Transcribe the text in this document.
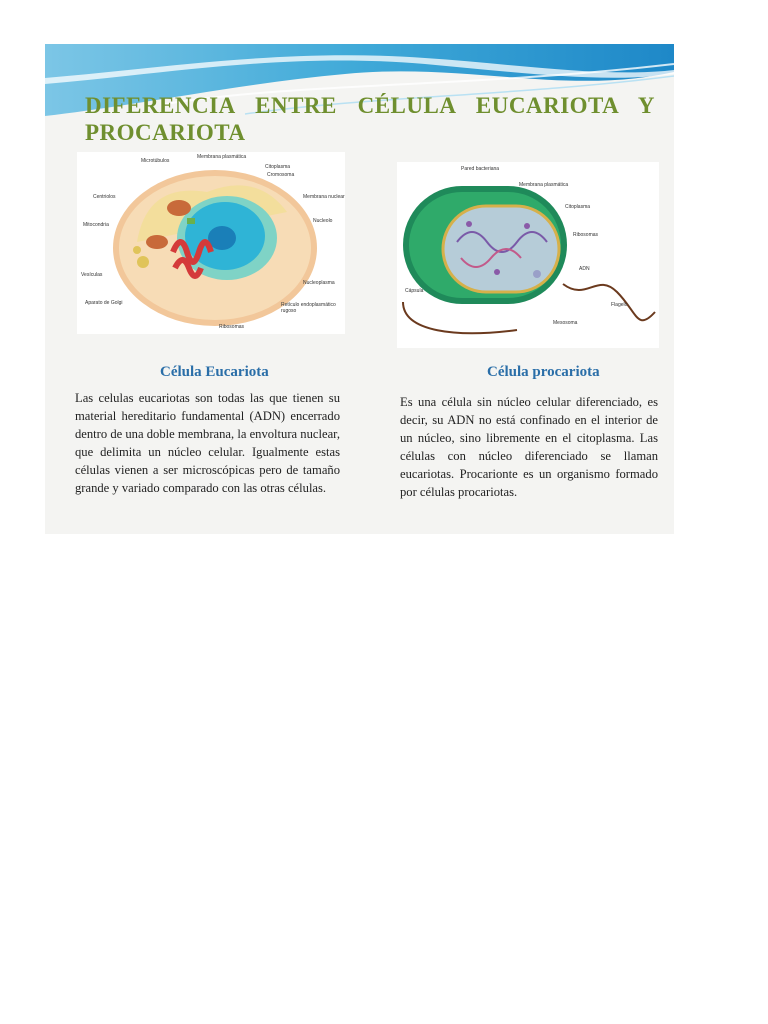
DIFERENCIA ENTRE CÉLULA EUCARIOTA Y
PROCARIOTA
Microtúbulos
Membrana plasmática
Citoplasma
Cromosoma
Centriolos	Membrana nuclear
Mitocondria
Nucleolo
Vesículas
Nucleoplasma
Aparato de Golgi	Retículo endoplasmático rugoso
Ribosomas
Pared bacteriana
Membrana plasmática
Citoplasma
Ribosomas
ADN
Cápsula
Flagelo
Mesosoma
Célula Eucariota	Célula procariota

Las celulas eucariotas son todas las que tienen su material hereditario fundamental (ADN) encerrado dentro de una doble membrana, la envoltura nuclear, que delimita un núcleo celular. Igualmente estas células vienen a ser microscópicas pero de tamaño grande y variado comparado con las otras células.

Es una célula sin núcleo celular diferenciado, es decir, su ADN no está confinado en el interior de un núcleo, sino libremente en el citoplasma. Las células con núcleo diferenciado se llaman eucariotas. Procarionte es un organismo formado por células procariotas.
